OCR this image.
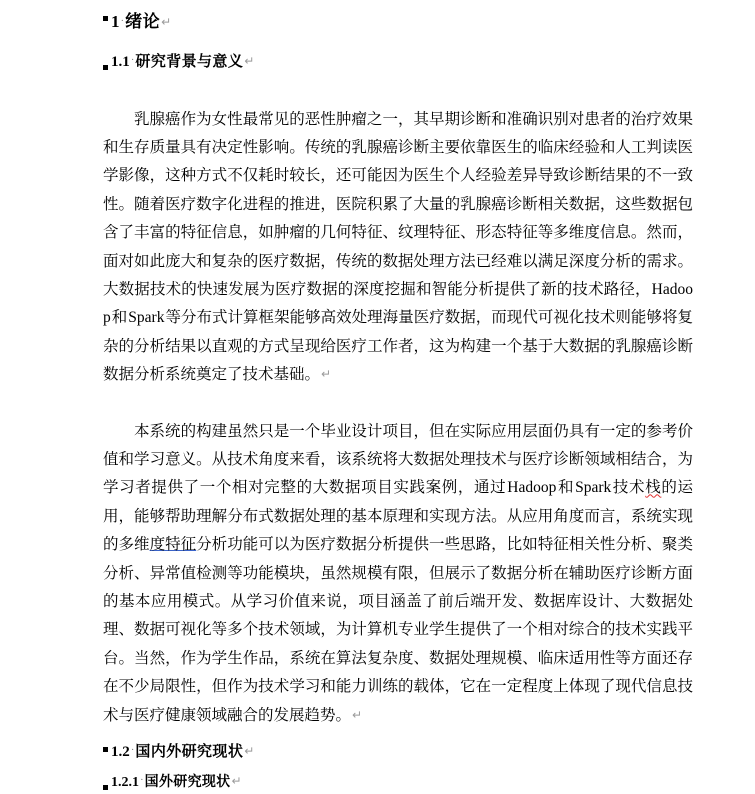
1 · 绪论 ↵
1.1 · 研究背景与意义 ↵

乳腺癌作为女性最常见的恶性肿瘤之一，其早期诊断和准确识别对患者的治疗效果和生存质量具有决定性影响。传统的乳腺癌诊断主要依靠医生的临床经验和人工判读医学影像，这种方式不仅耗时较长，还可能因为医生个人经验差异导致诊断结果的不一致性。随着医疗数字化进程的推进，医院积累了大量的乳腺癌诊断相关数据，这些数据包含了丰富的特征信息，如肿瘤的几何特征、纹理特征、形态特征等多维度信息。然而，面对如此庞大和复杂的医疗数据，传统的数据处理方法已经难以满足深度分析的需求。大数据技术的快速发展为医疗数据的深度挖掘和智能分析提供了新的技术路径，Hadoop和Spark等分布式计算框架能够高效处理海量医疗数据，而现代可视化技术则能够将复杂的分析结果以直观的方式呈现给医疗工作者，这为构建一个基于大数据的乳腺癌诊断数据分析系统奠定了技术基础。↵

本系统的构建虽然只是一个毕业设计项目，但在实际应用层面仍具有一定的参考价值和学习意义。从技术角度来看，该系统将大数据处理技术与医疗诊断领域相结合，为学习者提供了一个相对完整的大数据项目实践案例，通过Hadoop和Spark技术栈的运用，能够帮助理解分布式数据处理的基本原理和实现方法。从应用角度而言，系统实现的多维度特征分析功能可以为医疗数据分析提供一些思路，比如特征相关性分析、聚类分析、异常值检测等功能模块，虽然规模有限，但展示了数据分析在辅助医疗诊断方面的基本应用模式。从学习价值来说，项目涵盖了前后端开发、数据库设计、大数据处理、数据可视化等多个技术领域，为计算机专业学生提供了一个相对综合的技术实践平台。当然，作为学生作品，系统在算法复杂度、数据处理规模、临床适用性等方面还存在不少局限性，但作为技术学习和能力训练的载体，它在一定程度上体现了现代信息技术与医疗健康领域融合的发展趋势。↵

1.2 · 国内外研究现状 ↵
1.2.1 · 国外研究现状 ↵
